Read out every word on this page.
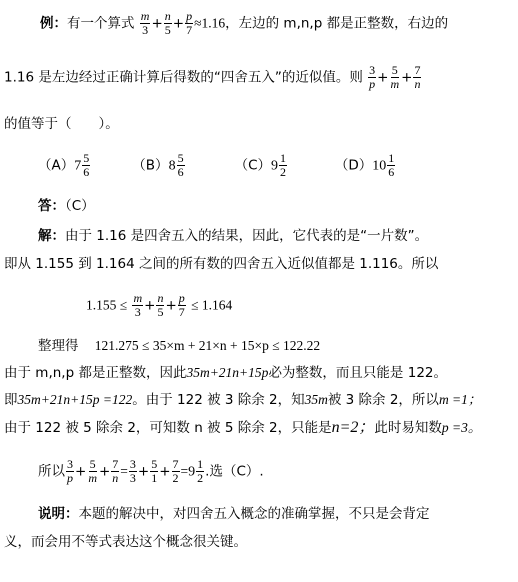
例：有一个算式 $\frac{m}{3} + \frac{n}{5} + \frac{p}{7} \approx 1.16$，左边的 m,n,p 都是正整数，右边的
1.16 是左边经过正确计算后得数的“四舍五入”的近似值。则 $\frac{3}{p} + \frac{5}{m} + \frac{7}{n}$
的值等于（　　）。
$(A)7 \frac{5}{6}$	$(B)8 \frac{5}{6}$	$(C)9 \frac{1}{2}$	$(D)10 \frac{1}{6}$
答：（C）
解：由于 1.16 是四舍五入的结果，因此，它代表的是“一片数”。
即从 1.155 到 1.164 之间的所有数的四舍五入近似值都是 1.116。所以
$1.155 \le \frac{m}{3} + \frac{n}{5} + \frac{p}{7} \le 1.164$
整理得 121.275 ≤ 35×m + 21×n + 15×p ≤ 122.22
由于 m,n,p 都是正整数，因此35m+21n+15p必为整数，而且只能是 122。
即35m+21n+15p =122。由于 122 被 3 除余 2，知35m被 3 除余 2，所以m =1；
由于 122 被 5 除余 2，可知数 n 被 5 除余 2，只能是n=2；此时易知数p =3。
所以 $\frac{3}{p} + \frac{5}{m} + \frac{7}{n} = \frac{3}{3} + \frac{5}{1} + \frac{7}{2} =9 \frac{1}{2}$ .选（C）.
说明：本题的解决中，对四舍五入概念的准确掌握，不只是会背定
义，而会用不等式表达这个概念很关键。
